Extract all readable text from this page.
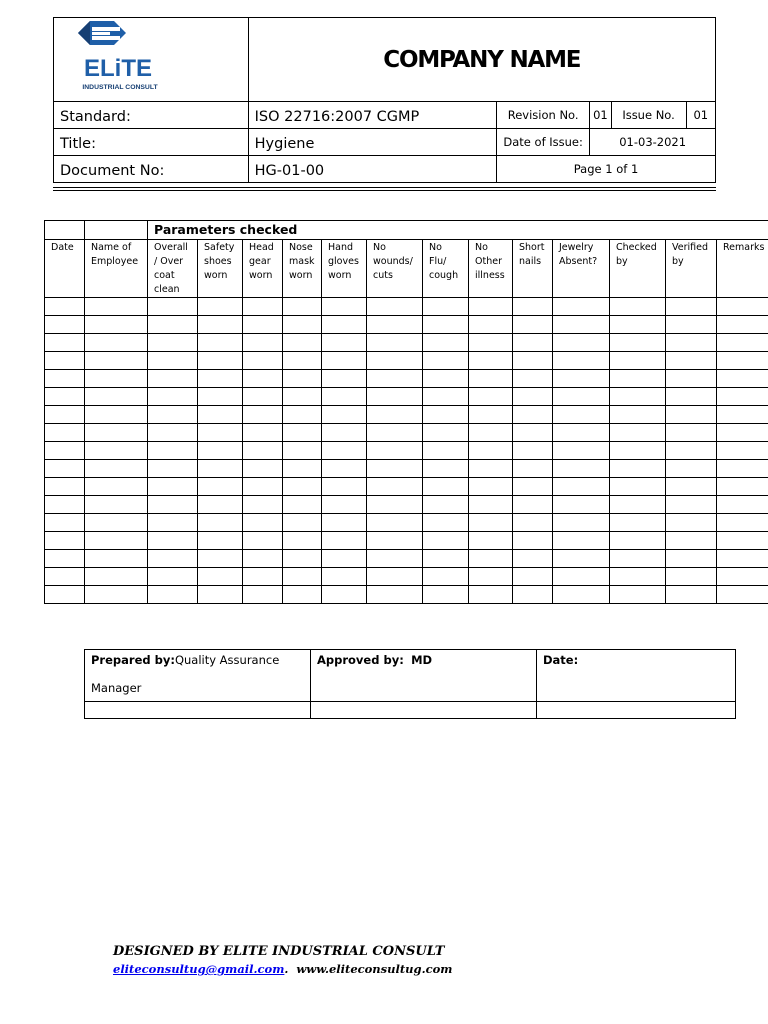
ELiTE
INDUSTRIAL CONSULT	COMPANY NAME				
Standard:	ISO 22716:2007 CGMP	Revision No.	01	Issue No.	01
Title:	Hygiene	Date of Issue:	01-03-2021		
Document No:	HG-01-00	Page 1 of 1			
		Parameters checked												
Date	Name of Employee	Overall / Over coat clean	Safety shoes worn	Head gear worn	Nose mask worn	Hand gloves worn	No wounds/ cuts	No Flu/ cough	No Other illness	Short nails	Jewelry Absent?	Checked by	Verified by	Remarks

Prepared by:Quality Assurance

Manager	Approved by: MD	Date:

DESIGNED BY ELITE INDUSTRIAL CONSULT
eliteconsultug@gmail.com.  www.eliteconsultug.com
